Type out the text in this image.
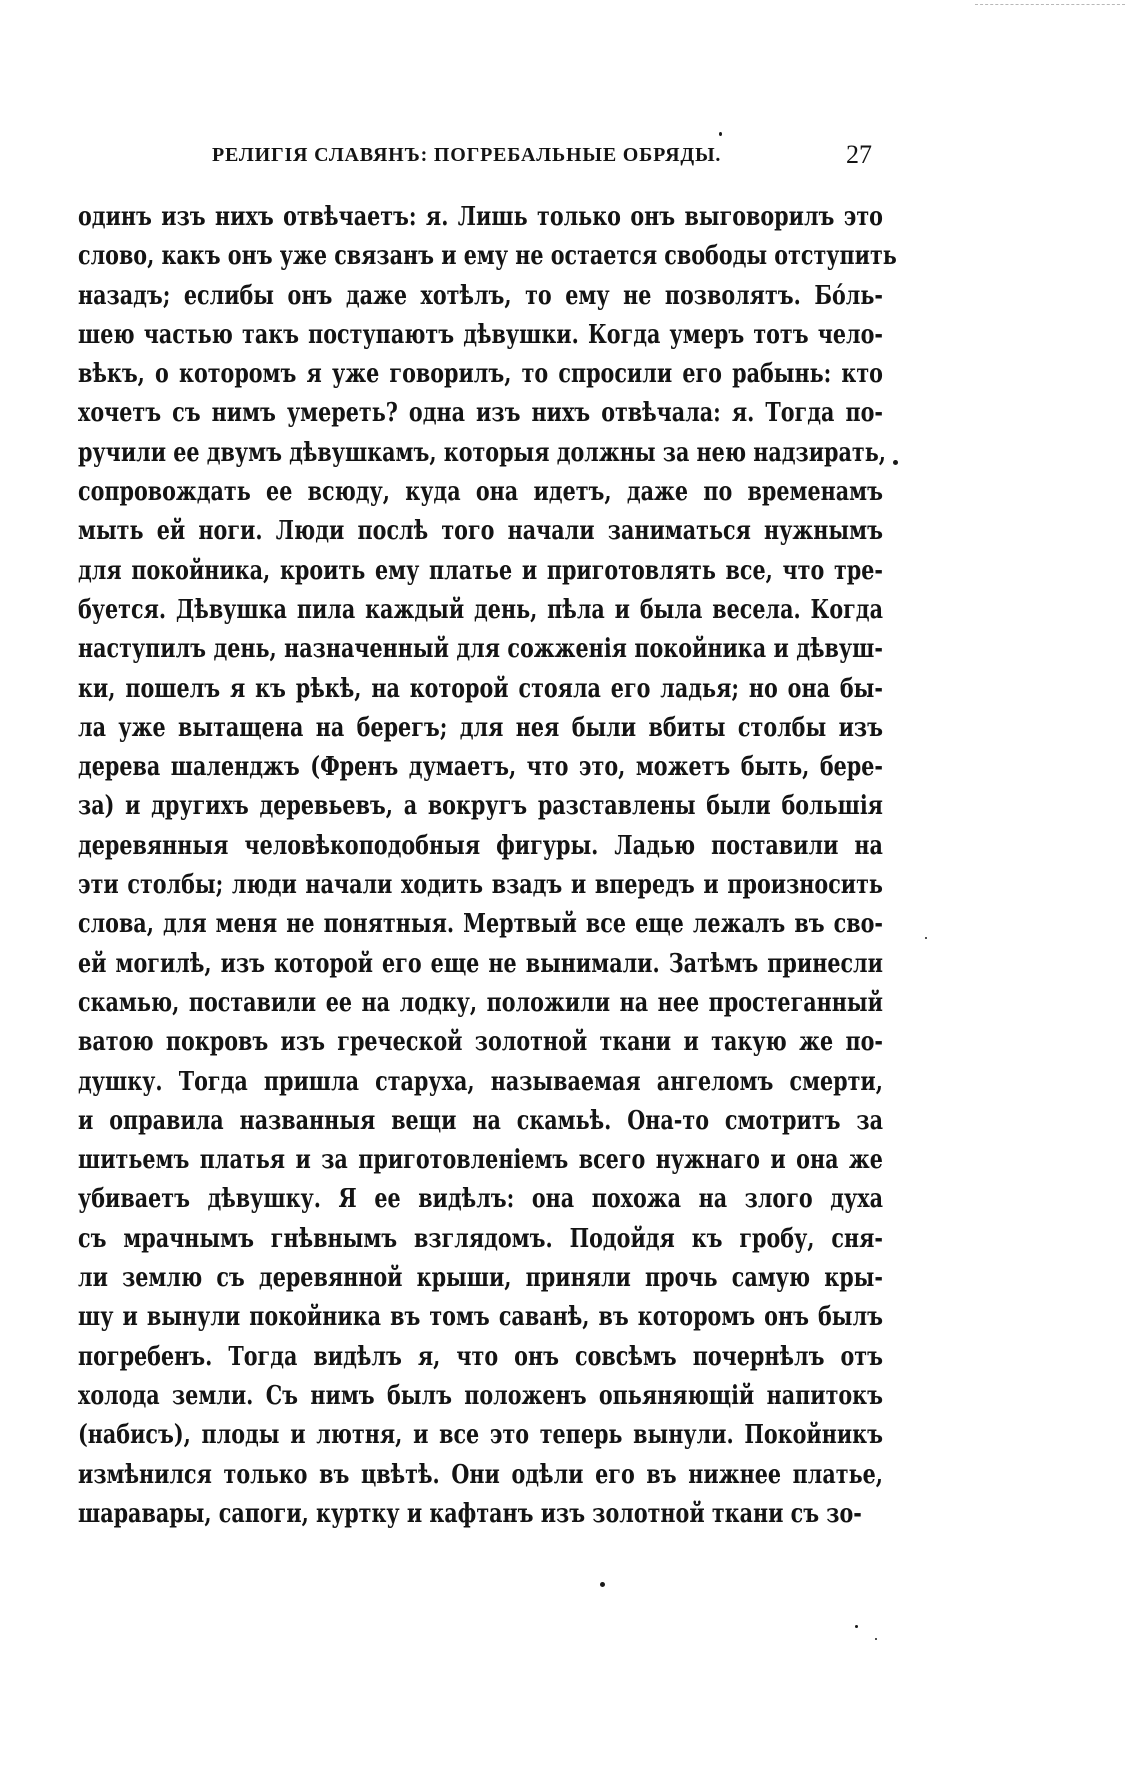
РЕЛИГІЯ СЛАВЯНЪ: ПОГРЕБАЛЬНЫЕ ОБРЯДЫ.	27
одинъ изъ нихъ отвѣчаетъ: я. Лишь только онъ выговорилъ это
слово, какъ онъ уже связанъ и ему не остается свободы отступить
назадъ; еслибы онъ даже хотѣлъ, то ему не позволятъ. Бóль-
шею частью такъ поступаютъ дѣвушки. Когда умеръ тотъ чело-
вѣкъ, о которомъ я уже говорилъ, то спросили его рабынь: кто
хочетъ съ нимъ умереть? одна изъ нихъ отвѣчала: я. Тогда по-
ручили ее двумъ дѣвушкамъ, которыя должны за нею надзирать,
сопровождать ее всюду, куда она идетъ, даже по временамъ
мыть ей ноги. Люди послѣ того начали заниматься нужнымъ
для покойника, кроить ему платье и приготовлять все, что тре-
буется. Дѣвушка пила каждый день, пѣла и была весела. Когда
наступилъ день, назначенный для сожженія покойника и дѣвуш-
ки, пошелъ я къ рѣкѣ, на которой стояла его ладья; но она бы-
ла уже вытащена на берегъ; для нея были вбиты столбы изъ
дерева шаленджъ (Френъ думаетъ, что это, можетъ быть, бере-
за) и другихъ деревьевъ, а вокругъ разставлены были большія
деревянныя человѣкоподобныя фигуры. Ладью поставили на
эти столбы; люди начали ходить взадъ и впередъ и произносить
слова, для меня не понятныя. Мертвый все еще лежалъ въ сво-
ей могилѣ, изъ которой его еще не вынимали. Затѣмъ принесли
скамью, поставили ее на лодку, положили на нее простеганный
ватою покровъ изъ греческой золотной ткани и такую же по-
душку. Тогда пришла старуха, называемая ангеломъ смерти,
и оправила названныя вещи на скамьѣ. Она-то смотритъ за
шитьемъ платья и за приготовленіемъ всего нужнаго и она же
убиваетъ дѣвушку. Я ее видѣлъ: она похожа на злого духа
съ мрачнымъ гнѣвнымъ взглядомъ. Подойдя къ гробу, сня-
ли землю съ деревянной крыши, приняли прочь самую кры-
шу и вынули покойника въ томъ саванѣ, въ которомъ онъ былъ
погребенъ. Тогда видѣлъ я, что онъ совсѣмъ почернѣлъ отъ
холода земли. Съ нимъ былъ положенъ опьяняющій напитокъ
(набисъ), плоды и лютня, и все это теперь вынули. Покойникъ
измѣнился только въ цвѣтѣ. Они одѣли его въ нижнее платье,
шаравары, сапоги, куртку и кафтанъ изъ золотной ткани съ зо-
